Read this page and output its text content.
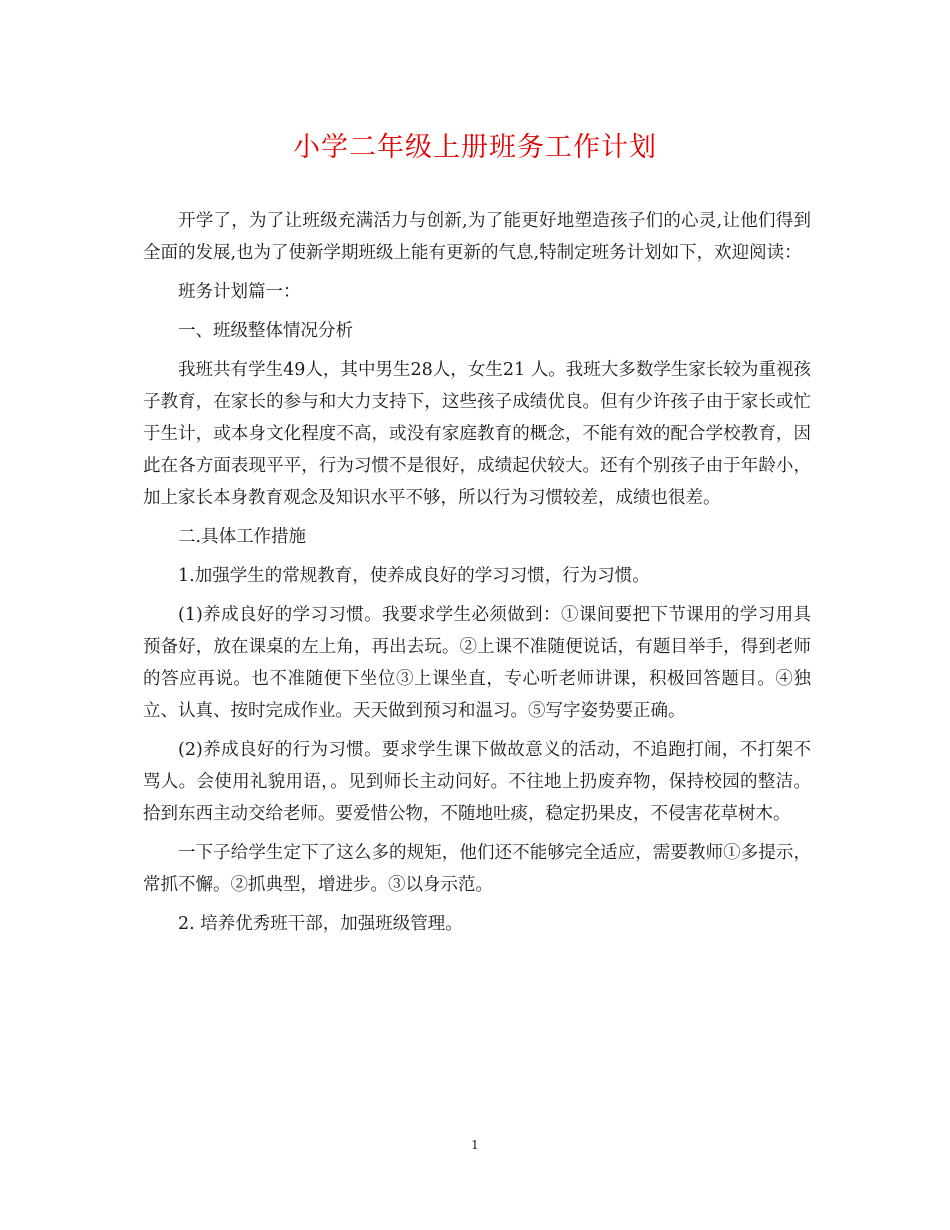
小学二年级上册班务工作计划

开学了，为了让班级充满活力与创新,为了能更好地塑造孩子们的心灵,让他们得到全面的发展,也为了使新学期班级上能有更新的气息,特制定班务计划如下，欢迎阅读：

班务计划篇一：

一、班级整体情况分析

我班共有学生49人，其中男生28人，女生21 人。我班大多数学生家长较为重视孩子教育，在家长的参与和大力支持下，这些孩子成绩优良。但有少许孩子由于家长或忙于生计，或本身文化程度不高，或没有家庭教育的概念，不能有效的配合学校教育，因此在各方面表现平平，行为习惯不是很好，成绩起伏较大。还有个别孩子由于年龄小，加上家长本身教育观念及知识水平不够，所以行为习惯较差，成绩也很差。

二.具体工作措施

1.加强学生的常规教育，使养成良好的学习习惯，行为习惯。

(1)养成良好的学习习惯。我要求学生必须做到：①课间要把下节课用的学习用具预备好，放在课桌的左上角，再出去玩。②上课不准随便说话，有题目举手，得到老师的答应再说。也不准随便下坐位③上课坐直，专心听老师讲课，积极回答题目。④独立、认真、按时完成作业。天天做到预习和温习。⑤写字姿势要正确。

(2)养成良好的行为习惯。要求学生课下做故意义的活动，不追跑打闹，不打架不骂人。会使用礼貌用语，。见到师长主动问好。不往地上扔废弃物，保持校园的整洁。拾到东西主动交给老师。要爱惜公物，不随地吐痰，稳定扔果皮，不侵害花草树木。

一下子给学生定下了这么多的规矩，他们还不能够完全适应，需要教师①多提示，常抓不懈。②抓典型，增进步。③以身示范。

2. 培养优秀班干部，加强班级管理。

1
